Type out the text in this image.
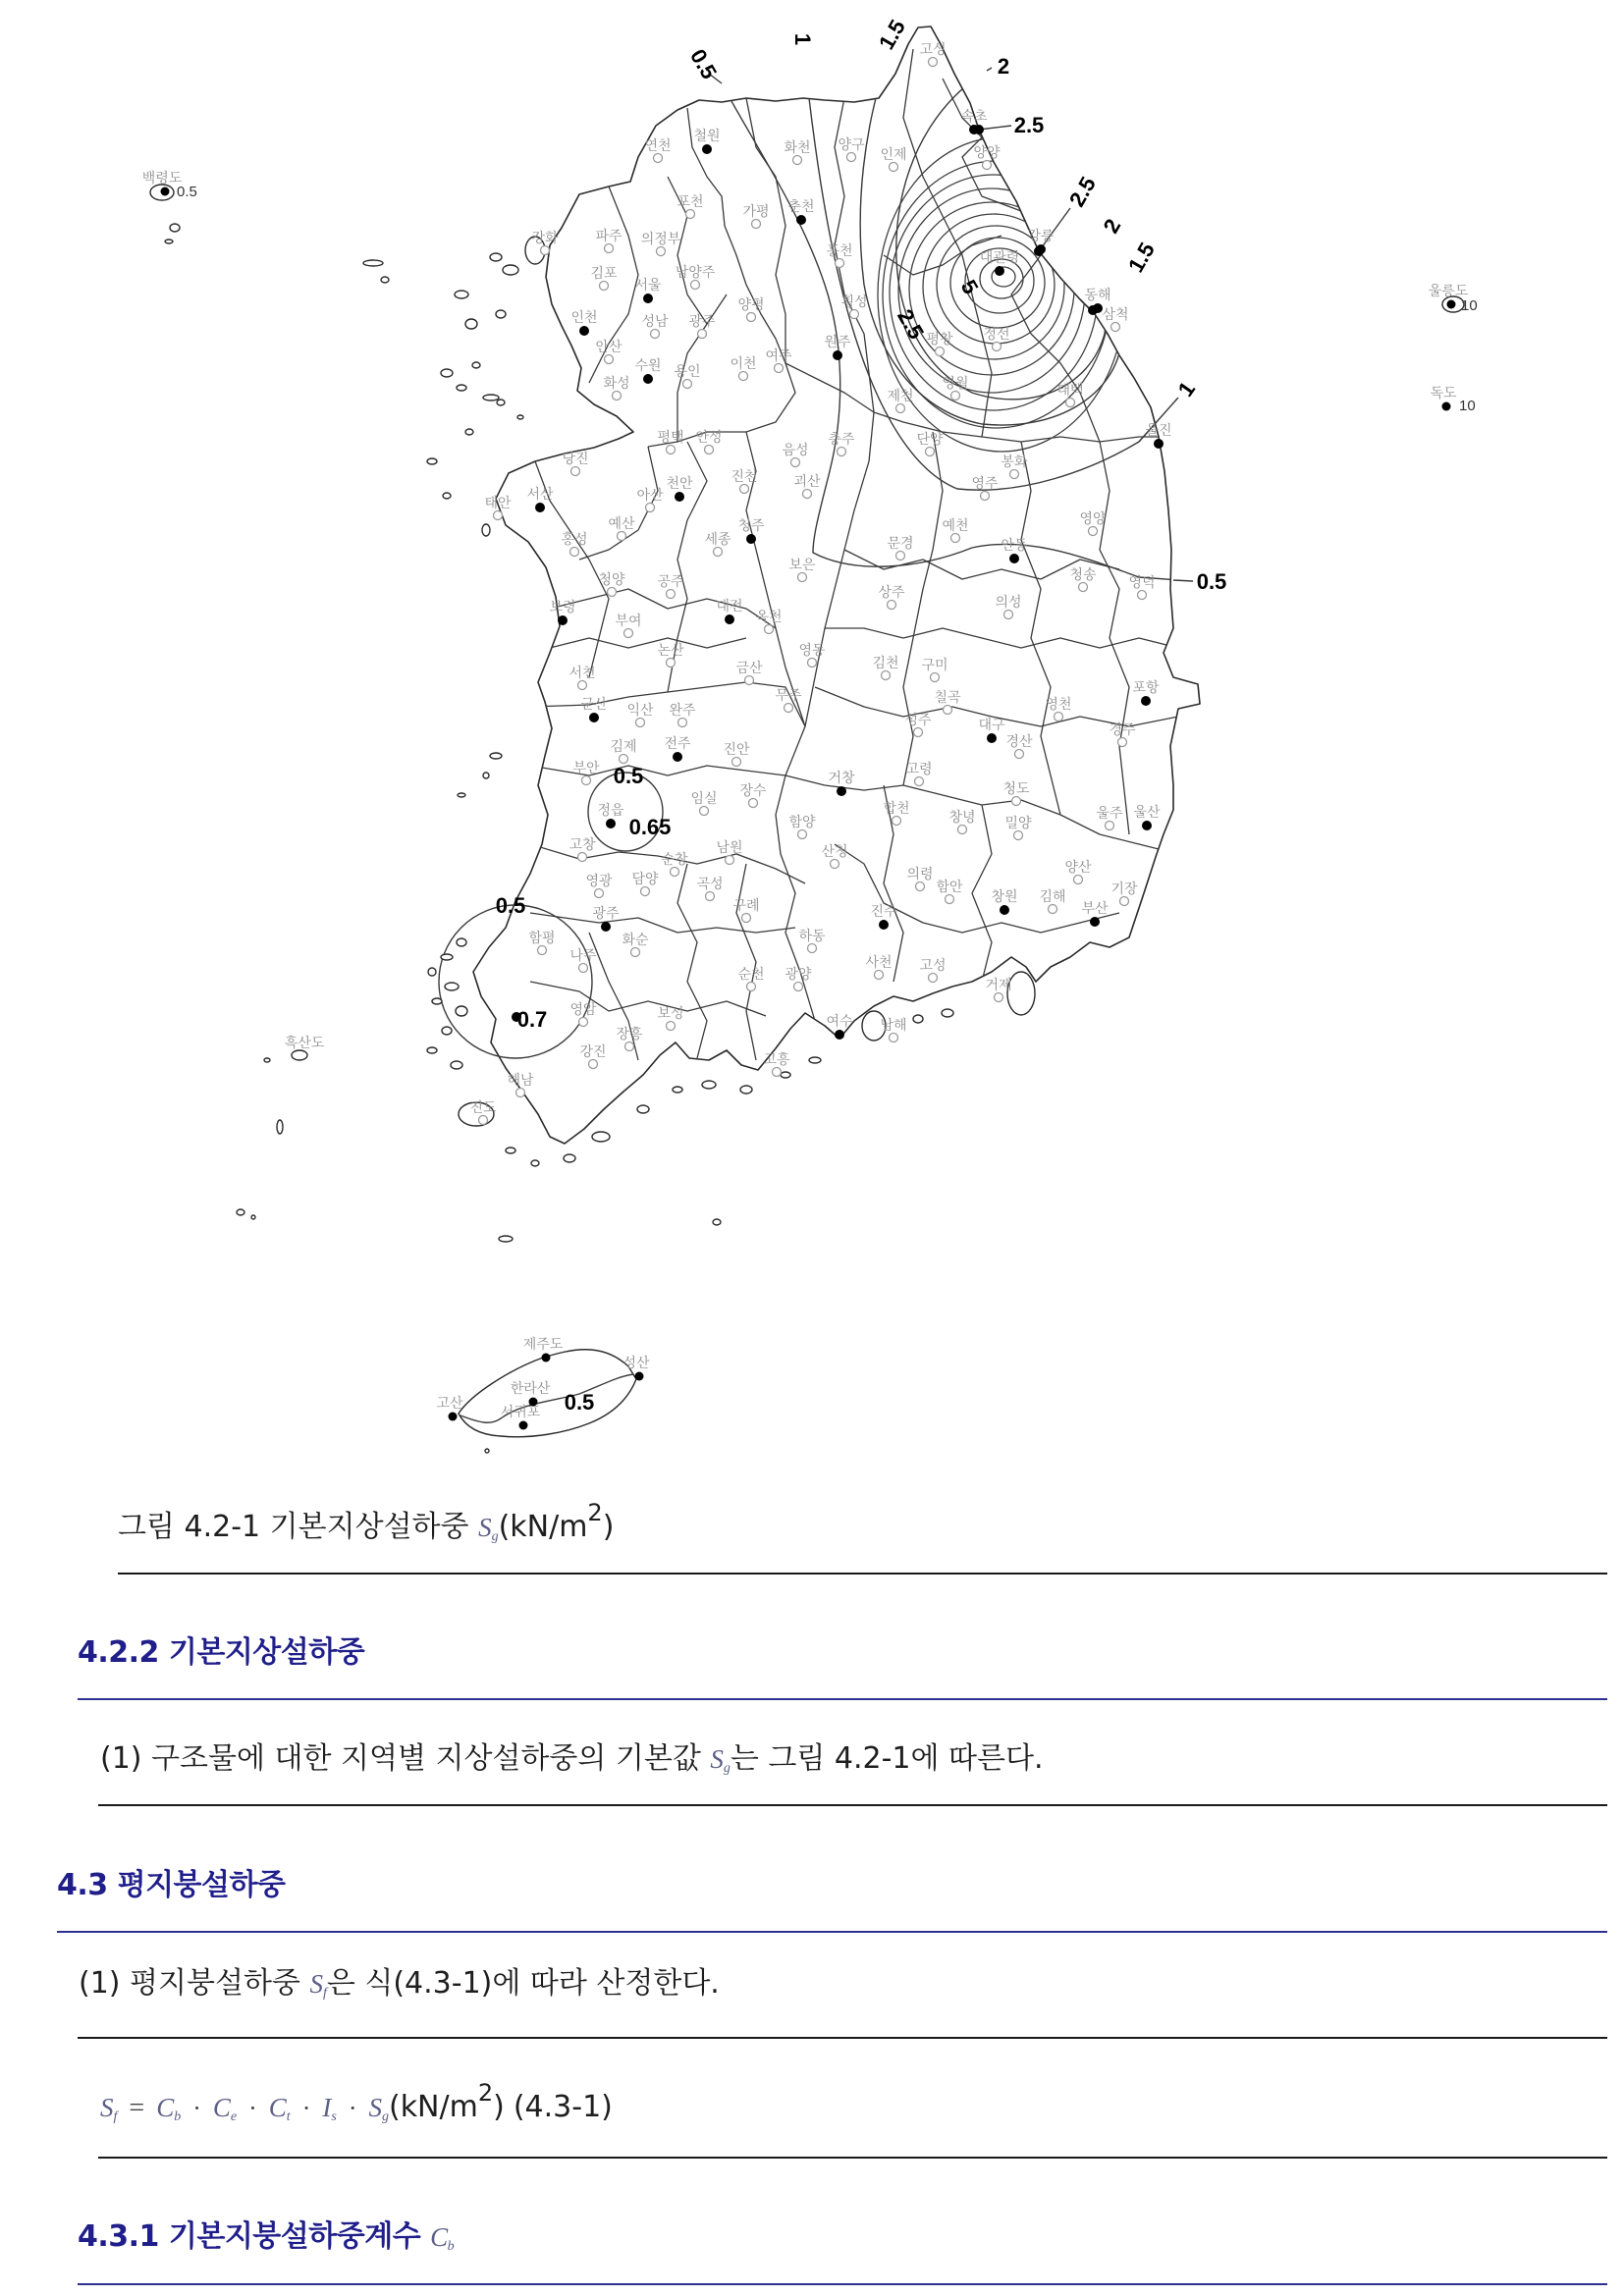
연천
철원
화천 양구
인제
고성
속초
양양
춘천
홍천
강릉
대관령
정선
평창
영월
동해
삼척
태백
울진
원주
횡성
여주
이천
양평
가평
포천
파주
강화
김포
의정부
서울
남양주
인천	성남 광주
안산
수원 용인
화성
평택 안성
당진
서산
태안	아산
천안	진천
음성
충주
제천
단양
괴산
홍성
예산
세종
청주
보은
봉화
영주
영양
예천
문경	안동
청송 영덕
상주
의성
청양 공주
보령
부여
대전
옥천
논산	영동
김천 구미
서천	금산
무주
군산 익산 완주
칠곡
포항
영천
성주	대구	경주
경산
김제 전주 진안
부안	고령
거창
장수	청도
임실
정읍	합천	울주 울산
창녕
함양	밀양
고창	남원	산청
순창	양산
의령
영광 담양	곡성	함안	기장
창원 김해
구례	부산
진주
광주
함평	화순	하동
나주
순천 광양
사천 고성
거제
영암	보성
장흥
강진
해남
고흥
여수 남해
진도
백령도
울릉도
독도
흑산도
제주도
고산
한라산
서귀포
성산
0.5
10
10
0.5
1	1.5
2
2.5
2.5
2
1.5
5
2.5
1
0.5
0.5
0.65
0.5
0.7
0.5
그림 4.2-1 기본지상설하중 $S_g(kN/m^2)$
4.2.2 기본지상설하중
(1) 구조물에 대한 지역별 지상설하중의 기본값 $S_g$는 그림 4.2-1에 따른다.
4.3 평지붕설하중
(1) 평지붕설하중 $S_f$은 식(4.3-1)에 따라 산정한다.
$S_f = C_b \cdot C_e \cdot C_t \cdot I_s \cdot S_g(kN/m^2)$ (4.3-1)
4.3.1 기본지붕설하중계수 $C_b$
